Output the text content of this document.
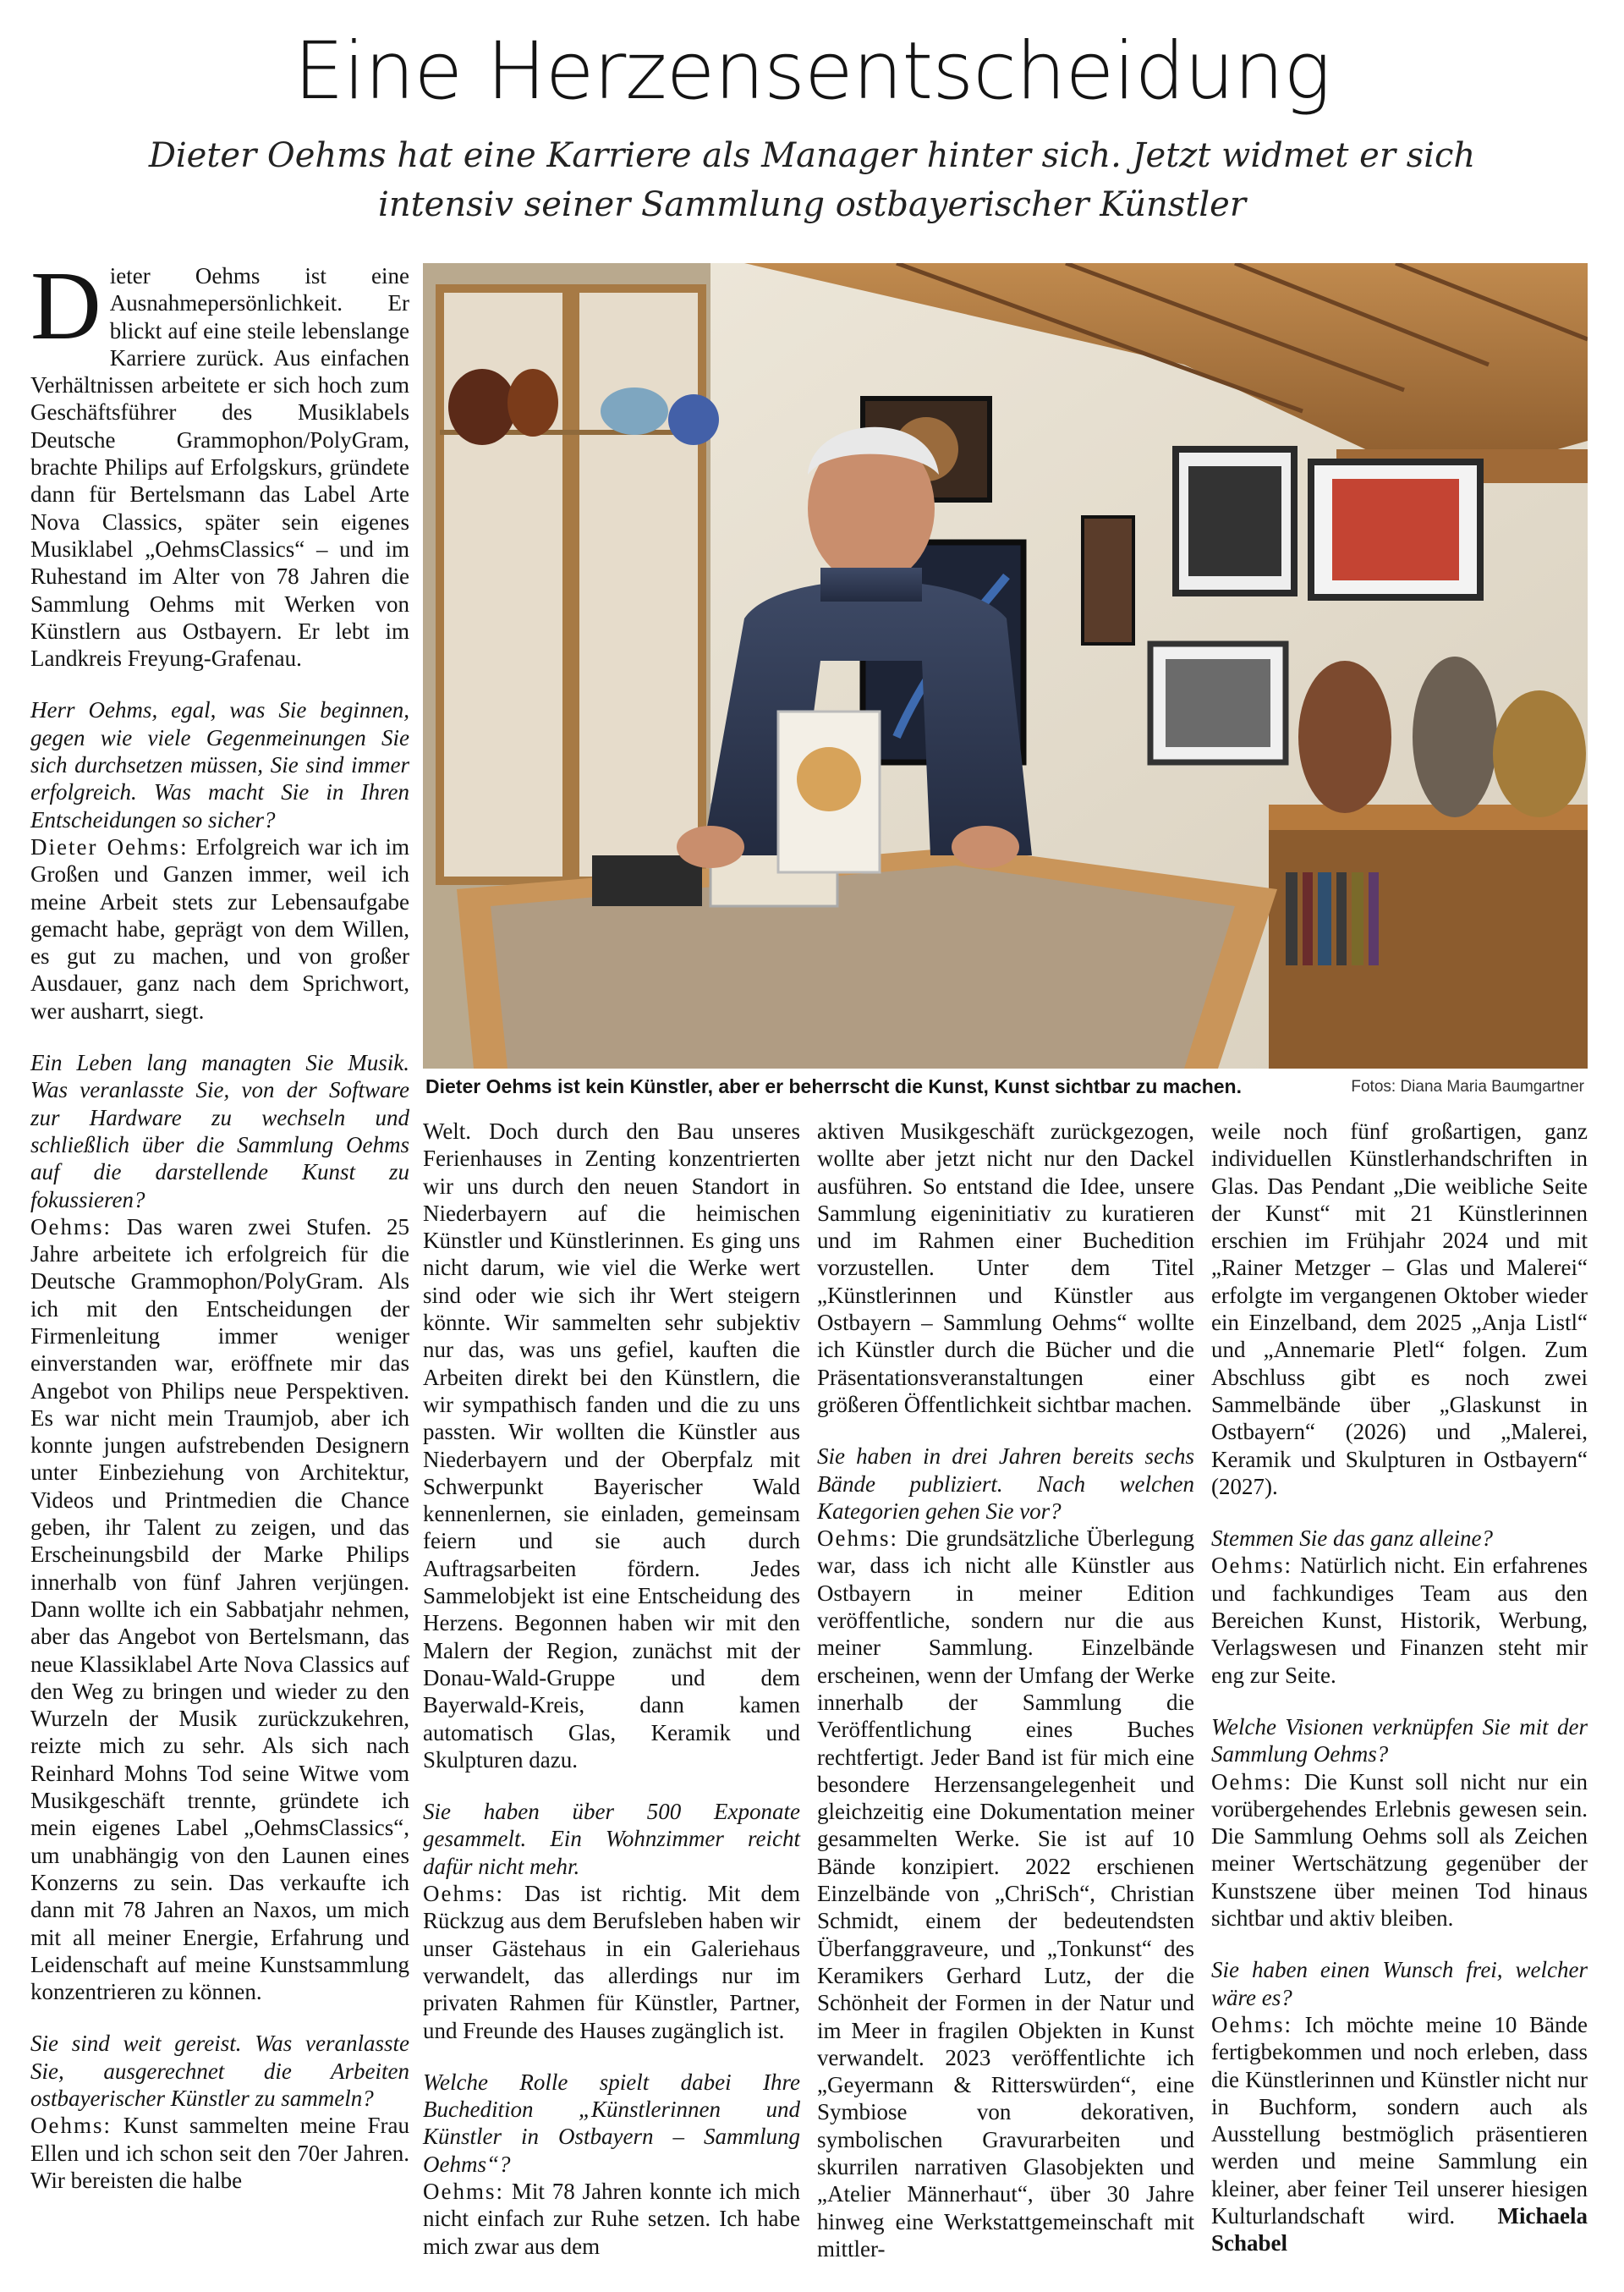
Eine Herzensentscheidung
Dieter Oehms hat eine Karriere als Manager hinter sich. Jetzt widmet er sich
intensiv seiner Sammlung ostbayerischer Künstler

Dieter Oehms ist eine Ausnahmepersönlichkeit. Er blickt auf eine steile lebenslange Karriere zurück. Aus einfachen Verhältnissen arbeitete er sich hoch zum Geschäftsführer des Musiklabels Deutsche Grammophon/PolyGram, brachte Philips auf Erfolgskurs, gründete dann für Bertelsmann das Label Arte Nova Classics, später sein eigenes Musiklabel „OehmsClassics“ – und im Ruhestand im Alter von 78 Jahren die Sammlung Oehms mit Werken von Künstlern aus Ostbayern. Er lebt im Landkreis Freyung-Grafenau.

Herr Oehms, egal, was Sie beginnen, gegen wie viele Gegenmeinungen Sie sich durchsetzen müssen, Sie sind immer erfolgreich. Was macht Sie in Ihren Entscheidungen so sicher?

Dieter Oehms: Erfolgreich war ich im Großen und Ganzen immer, weil ich meine Arbeit stets zur Lebensaufgabe gemacht habe, geprägt von dem Willen, es gut zu machen, und von großer Ausdauer, ganz nach dem Sprichwort, wer ausharrt, siegt.

Ein Leben lang managten Sie Musik. Was veranlasste Sie, von der Software zur Hardware zu wechseln und schließlich über die Sammlung Oehms auf die darstellende Kunst zu fokussieren?

Oehms: Das waren zwei Stufen. 25 Jahre arbeitete ich erfolgreich für die Deutsche Grammophon/PolyGram. Als ich mit den Entscheidungen der Firmenleitung immer weniger einverstanden war, eröffnete mir das Angebot von Philips neue Perspektiven. Es war nicht mein Traumjob, aber ich konnte jungen aufstrebenden Designern unter Einbeziehung von Architektur, Videos und Printmedien die Chance geben, ihr Talent zu zeigen, und das Erscheinungsbild der Marke Philips innerhalb von fünf Jahren verjüngen. Dann wollte ich ein Sabbatjahr nehmen, aber das Angebot von Bertelsmann, das neue Klassiklabel Arte Nova Classics auf den Weg zu bringen und wieder zu den Wurzeln der Musik zurückzukehren, reizte mich zu sehr. Als sich nach Reinhard Mohns Tod seine Witwe vom Musikgeschäft trennte, gründete ich mein eigenes Label „OehmsClassics“, um unabhängig von den Launen eines Konzerns zu sein. Das verkaufte ich dann mit 78 Jahren an Naxos, um mich mit all meiner Energie, Erfahrung und Leidenschaft auf meine Kunstsammlung konzentrieren zu können.

Sie sind weit gereist. Was veranlasste Sie, ausgerechnet die Arbeiten ostbayerischer Künstler zu sammeln?

Oehms: Kunst sammelten meine Frau Ellen und ich schon seit den 70er Jahren. Wir bereisten die halbe

Dieter Oehms ist kein Künstler, aber er beherrscht die Kunst, Kunst sichtbar zu machen.	Fotos: Diana Maria Baumgartner

Welt. Doch durch den Bau unseres Ferienhauses in Zenting konzentrierten wir uns durch den neuen Standort in Niederbayern auf die heimischen Künstler und Künstlerinnen. Es ging uns nicht darum, wie viel die Werke wert sind oder wie sich ihr Wert steigern könnte. Wir sammelten sehr subjektiv nur das, was uns gefiel, kauften die Arbeiten direkt bei den Künstlern, die wir sympathisch fanden und die zu uns passten. Wir wollten die Künstler aus Niederbayern und der Oberpfalz mit Schwerpunkt Bayerischer Wald kennenlernen, sie einladen, gemeinsam feiern und sie auch durch Auftragsarbeiten fördern. Jedes Sammelobjekt ist eine Entscheidung des Herzens. Begonnen haben wir mit den Malern der Region, zunächst mit der Donau-Wald-Gruppe und dem Bayerwald-Kreis, dann kamen automatisch Glas, Keramik und Skulpturen dazu.

Sie haben über 500 Exponate gesammelt. Ein Wohnzimmer reicht dafür nicht mehr.

Oehms: Das ist richtig. Mit dem Rückzug aus dem Berufsleben haben wir unser Gästehaus in ein Galeriehaus verwandelt, das allerdings nur im privaten Rahmen für Künstler, Partner, und Freunde des Hauses zugänglich ist.

Welche Rolle spielt dabei Ihre Buchedition „Künstlerinnen und Künstler in Ostbayern – Sammlung Oehms“?

Oehms: Mit 78 Jahren konnte ich mich nicht einfach zur Ruhe setzen. Ich habe mich zwar aus dem

aktiven Musikgeschäft zurückgezogen, wollte aber jetzt nicht nur den Dackel ausführen. So entstand die Idee, unsere Sammlung eigeninitiativ zu kuratieren und im Rahmen einer Buchedition vorzustellen. Unter dem Titel „Künstlerinnen und Künstler aus Ostbayern – Sammlung Oehms“ wollte ich Künstler durch die Bücher und die Präsentationsveranstaltungen einer größeren Öffentlichkeit sichtbar machen.

Sie haben in drei Jahren bereits sechs Bände publiziert. Nach welchen Kategorien gehen Sie vor?

Oehms: Die grundsätzliche Überlegung war, dass ich nicht alle Künstler aus Ostbayern in meiner Edition veröffentliche, sondern nur die aus meiner Sammlung. Einzelbände erscheinen, wenn der Umfang der Werke innerhalb der Sammlung die Veröffentlichung eines Buches rechtfertigt. Jeder Band ist für mich eine besondere Herzensangelegenheit und gleichzeitig eine Dokumentation meiner gesammelten Werke. Sie ist auf 10 Bände konzipiert. 2022 erschienen Einzelbände von „ChriSch“, Christian Schmidt, einem der bedeutendsten Überfanggraveure, und „Tonkunst“ des Keramikers Gerhard Lutz, der die Schönheit der Formen in der Natur und im Meer in fragilen Objekten in Kunst verwandelt. 2023 veröffentlichte ich „Geyermann & Ritterswürden“, eine Symbiose von dekorativen, symbolischen Gravurarbeiten und skurrilen narrativen Glasobjekten und „Atelier Männerhaut“, über 30 Jahre hinweg eine Werkstattgemeinschaft mit mittler-

weile noch fünf großartigen, ganz individuellen Künstlerhandschriften in Glas. Das Pendant „Die weibliche Seite der Kunst“ mit 21 Künstlerinnen erschien im Frühjahr 2024 und mit „Rainer Metzger – Glas und Malerei“ erfolgte im vergangenen Oktober wieder ein Einzelband, dem 2025 „Anja Listl“ und „Annemarie Pletl“ folgen. Zum Abschluss gibt es noch zwei Sammelbände über „Glaskunst in Ostbayern“ (2026) und „Malerei, Keramik und Skulpturen in Ostbayern“ (2027).

Stemmen Sie das ganz alleine?

Oehms: Natürlich nicht. Ein erfahrenes und fachkundiges Team aus den Bereichen Kunst, Historik, Werbung, Verlagswesen und Finanzen steht mir eng zur Seite.

Welche Visionen verknüpfen Sie mit der Sammlung Oehms?

Oehms: Die Kunst soll nicht nur ein vorübergehendes Erlebnis gewesen sein. Die Sammlung Oehms soll als Zeichen meiner Wertschätzung gegenüber der Kunstszene über meinen Tod hinaus sichtbar und aktiv bleiben.

Sie haben einen Wunsch frei, welcher wäre es?

Oehms: Ich möchte meine 10 Bände fertigbekommen und noch erleben, dass die Künstlerinnen und Künstler nicht nur in Buchform, sondern auch als Ausstellung bestmöglich präsentieren werden und meine Sammlung ein kleiner, aber feiner Teil unserer hiesigen Kulturlandschaft wird. Michaela Schabel
